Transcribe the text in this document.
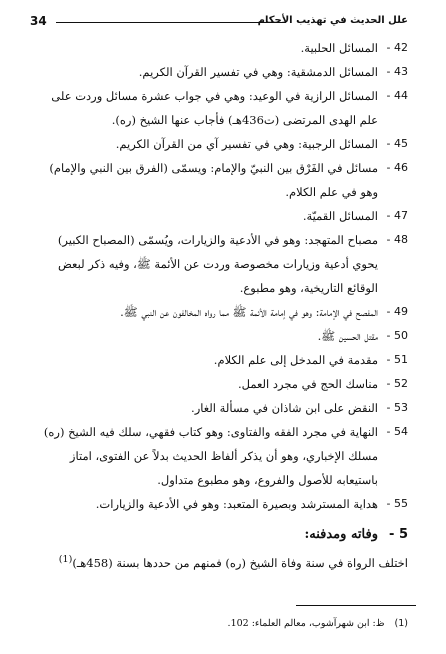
34	علل الحديث في تهذيب الأحكام
42 -
المسائل الحلبية.
43 -
المسائل الدمشقية: وهي في تفسير القرآن الكريم.
44 -
المسائل الرازية في الوعيد: وهي في جواب عشرة مسائل وردت على علم الهدى المرتضى (ت436هـ) فأجاب عنها الشيخ (ره).
45 -
المسائل الرجبية: وهي في تفسير آي من القرآن الكريم.
46 -
مسائل في الفَرْق بين النبيّ والإمام: ويسمّى (الفرق بين النبي والإمام) وهو في علم الكلام.
47 -
المسائل القميّة.
48 -
مصباح المتهجد: وهو في الأدعية والزيارات، ويُسمّى (المصباح الكبير) يحوي أدعية وزيارات مخصوصة وردت عن الأئمة ﷺ، وفيه ذكر لبعض الوقائع التاريخية، وهو مطبوع.
49 -
المفصح في الإمامة: وهو في إمامة الأئمة ﷺ مما رواه المخالفون عن النبي ﷺ.
50 -
مقتل الحسين ﷺ.
51 -
مقدمة في المدخل إلى علم الكلام.
52 -
مناسك الحج في مجرد العمل.
53 -
النقض على ابن شاذان في مسألة الغار.
54 -
النهاية في مجرد الفقه والفتاوى: وهو كتاب فقهي، سلك فيه الشيخ (ره) مسلك الإخباري، وهو أن يذكر ألفاظ الحديث بدلاً عن الفتوى، امتاز باستيعابه للأصول والفروع، وهو مطبوع متداول.
55 -
هداية المسترشد وبصيرة المتعبد: وهو في الأدعية والزيارات.
5 -
وفاته ومدفنه:
اختلف الرواة في سنة وفاة الشيخ (ره) فمنهم من حددها بسنة (458هـ)$^{(1)}$
(1)ظ: ابن شهرآشوب، معالم العلماء: 102.
